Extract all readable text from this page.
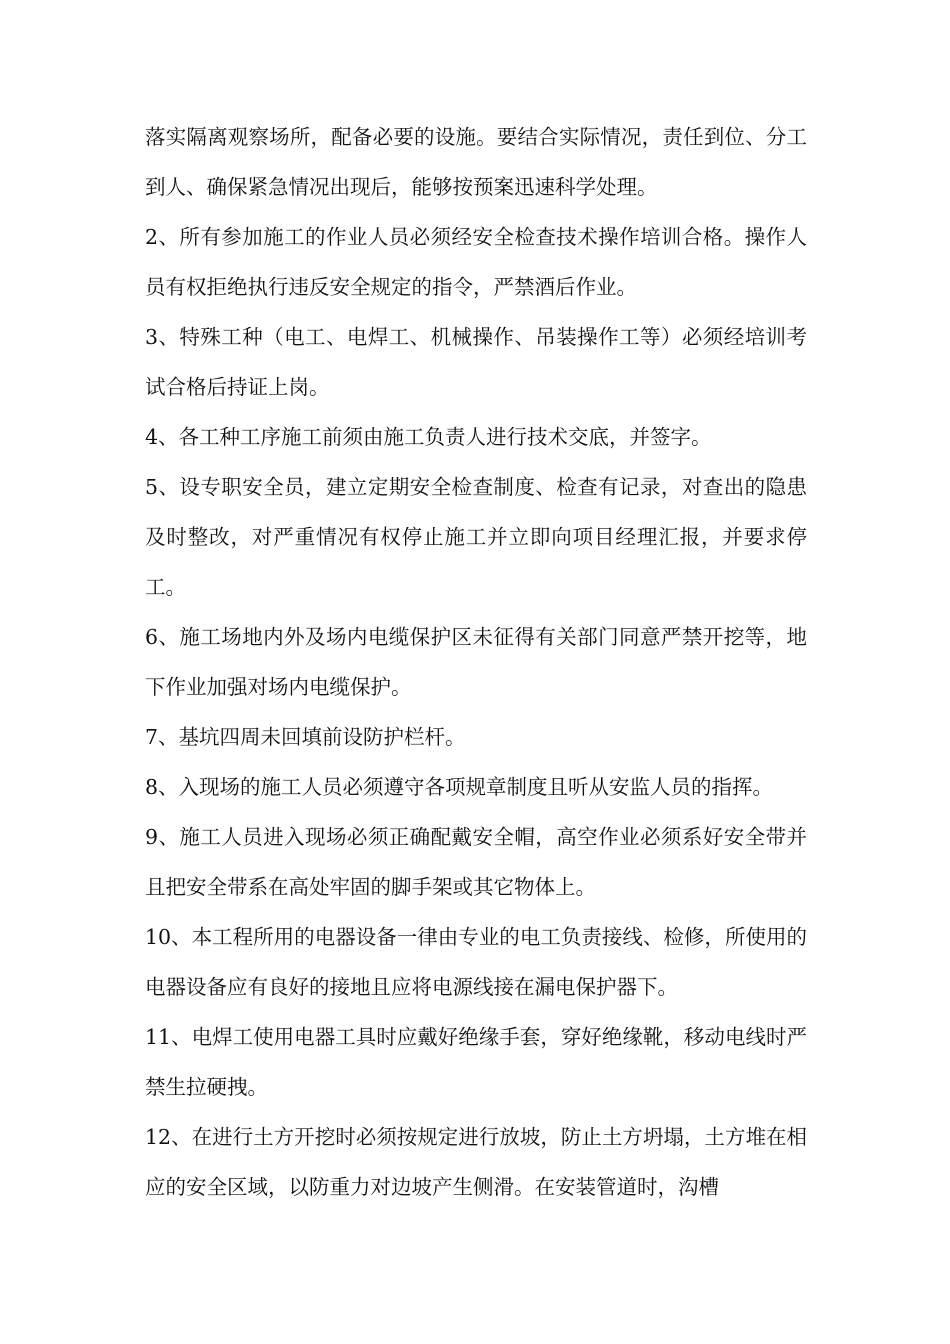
落实隔离观察场所，配备必要的设施。要结合实际情况，责任到位、分工到人、确保紧急情况出现后，能够按预案迅速科学处理。

2、所有参加施工的作业人员必须经安全检查技术操作培训合格。操作人员有权拒绝执行违反安全规定的指令，严禁酒后作业。

3、特殊工种（电工、电焊工、机械操作、吊装操作工等）必须经培训考试合格后持证上岗。

4、各工种工序施工前须由施工负责人进行技术交底，并签字。

5、设专职安全员，建立定期安全检查制度、检查有记录，对查出的隐患及时整改，对严重情况有权停止施工并立即向项目经理汇报，并要求停工。

6、施工场地内外及场内电缆保护区未征得有关部门同意严禁开挖等，地下作业加强对场内电缆保护。

7、基坑四周未回填前设防护栏杆。

8、入现场的施工人员必须遵守各项规章制度且听从安监人员的指挥。

9、施工人员进入现场必须正确配戴安全帽，高空作业必须系好安全带并且把安全带系在高处牢固的脚手架或其它物体上。

10、本工程所用的电器设备一律由专业的电工负责接线、检修，所使用的电器设备应有良好的接地且应将电源线接在漏电保护器下。

11、电焊工使用电器工具时应戴好绝缘手套，穿好绝缘靴，移动电线时严禁生拉硬拽。

12、在进行土方开挖时必须按规定进行放坡，防止土方坍塌，土方堆在相应的安全区域，以防重力对边坡产生侧滑。在安装管道时，沟槽
